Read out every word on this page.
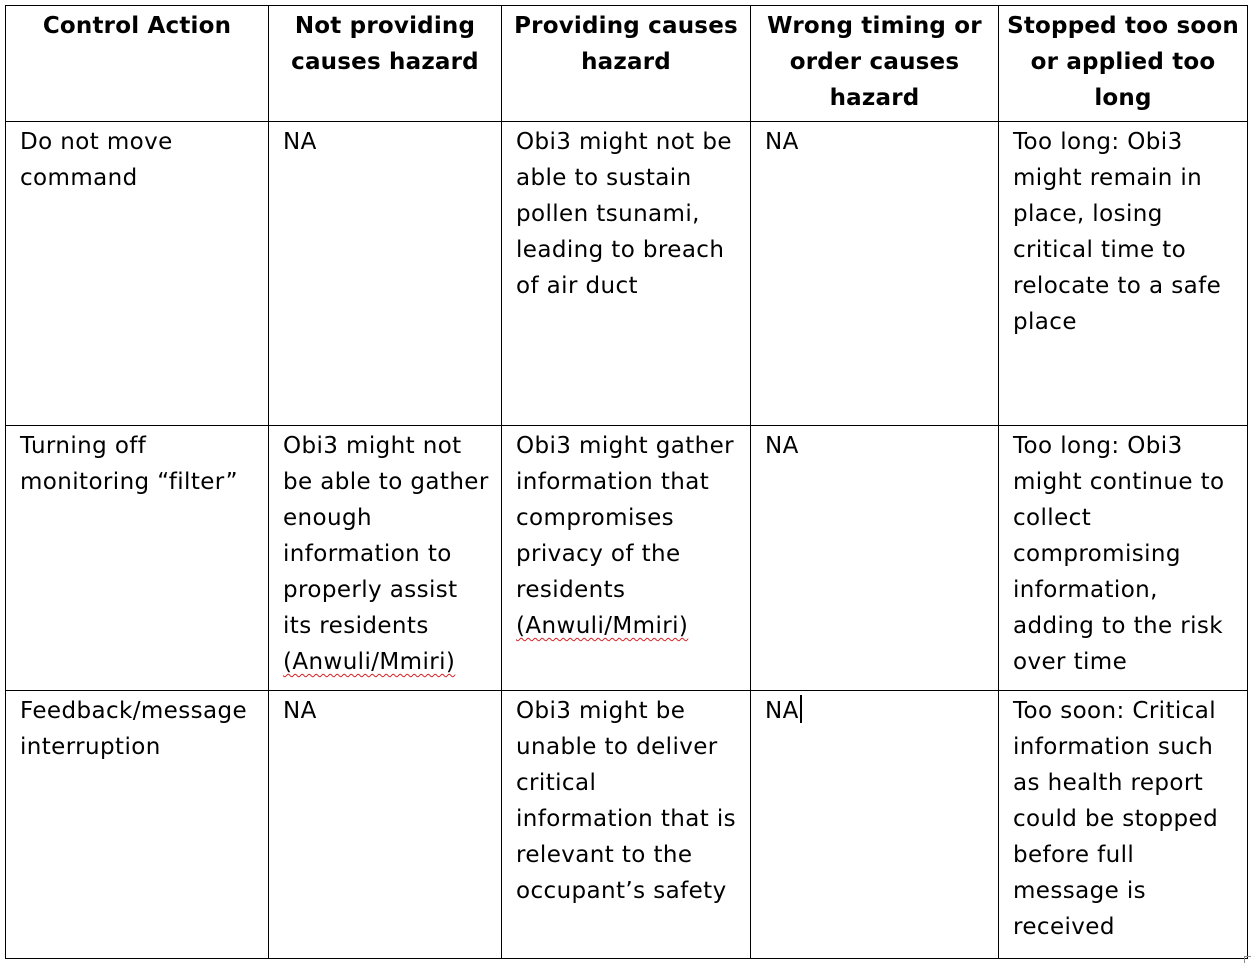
Control Action	Not providing causes hazard	Providing causes hazard	Wrong timing or order causes hazard	Stopped too soon or applied too long
Do not move command	NA	Obi3 might not be able to sustain pollen tsunami, leading to breach of air duct	NA	Too long: Obi3 might remain in place, losing critical time to relocate to a safe place
Turning off monitoring “filter”	Obi3 might not be able to gather enough information to properly assist its residents (Anwuli/Mmiri)	Obi3 might gather information that compromises privacy of the residents (Anwuli/Mmiri)	NA	Too long: Obi3 might continue to collect compromising information, adding to the risk over time
Feedback/message interruption	NA	Obi3 might be unable to deliver critical information that is relevant to the occupant’s safety	NA	Too soon: Critical information such as health report could be stopped before full message is received
